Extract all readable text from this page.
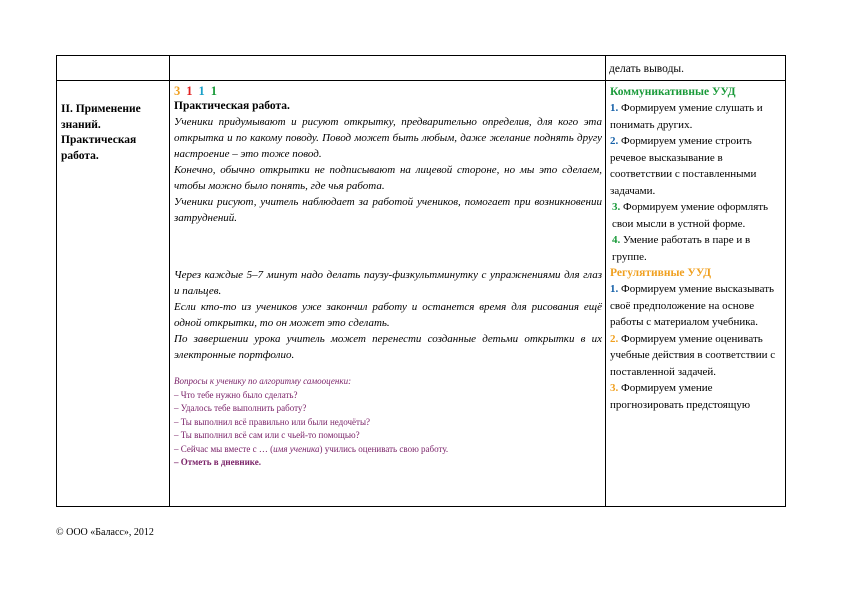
делать выводы.
II. Применение знаний. Практическая работа.
3 1 1 1
Практическая работа.

Ученики придумывают и рисуют открытку, предварительно определив, для кого эта открытка и по какому поводу. Повод может быть любым, даже желание поднять другу настроение – это тоже повод.

Конечно, обычно открытки не подписывают на лицевой стороне, но мы это сделаем, чтобы можно было понять, где чья работа.

Ученики рисуют, учитель наблюдает за работой учеников, помогает при возникновении затруднений.

Через каждые 5–7 минут надо делать паузу-физкультминутку с упражнениями для глаз и пальцев.

Если кто-то из учеников уже закончил работу и останется время для рисования ещё одной открытки, то он может это сделать.

По завершении урока учитель может перенести созданные детьми открытки в их электронные портфолио.

Вопросы к ученику по алгоритму самооценки:
– Что тебе нужно было сделать?
– Удалось тебе выполнить работу?
– Ты выполнил всё правильно или были недочёты?
– Ты выполнил всё сам или с чьей-то помощью?
– Сейчас мы вместе с … (имя ученика) учились оценивать свою работу.
– Отметь в дневнике.
Коммуникативные УУД

1. Формируем умение слушать и понимать других.

2. Формируем умение строить речевое высказывание в соответствии с поставленными задачами.

3. Формируем умение оформлять свои мысли в устной форме.

4. Умение работать в паре и в группе.

Регулятивные УУД

1. Формируем умение высказывать своё предположение на основе работы с материалом учебника.

2. Формируем умение оценивать учебные действия в соответствии с поставленной задачей.

3. Формируем умение прогнозировать предстоящую

© ООО «Баласс», 2012
